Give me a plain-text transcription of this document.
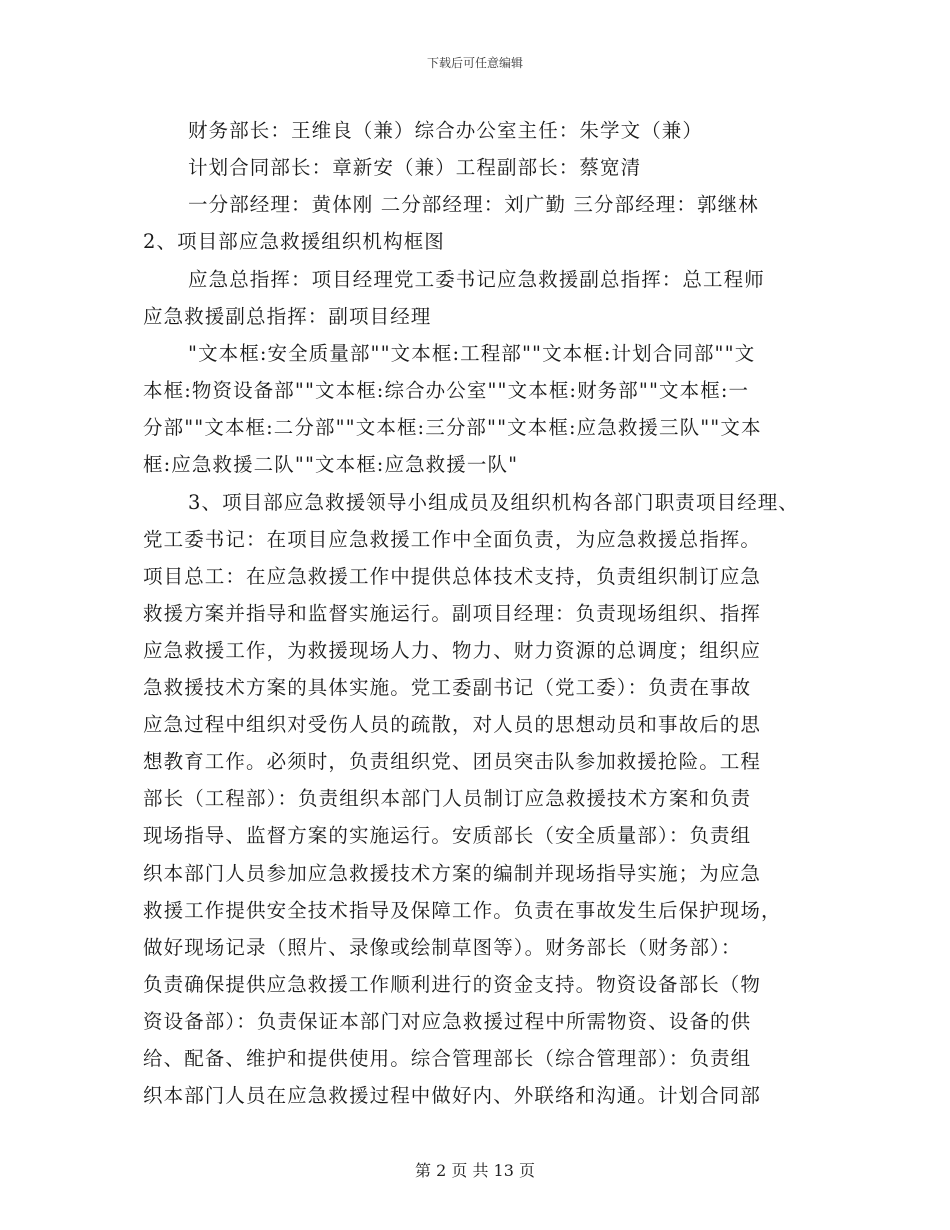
下载后可任意编辑
财务部长：王维良（兼）综合办公室主任：朱学文（兼）
计划合同部长：章新安（兼）工程副部长：蔡宽清
一分部经理：黄体刚 二分部经理：刘广勤 三分部经理：郭继林
2、项目部应急救援组织机构框图
应急总指挥：项目经理党工委书记应急救援副总指挥：总工程师
应急救援副总指挥：副项目经理
"文本框:安全质量部""文本框:工程部""文本框:计划合同部""文
本框:物资设备部""文本框:综合办公室""文本框:财务部""文本框:一
分部""文本框:二分部""文本框:三分部""文本框:应急救援三队""文本
框:应急救援二队""文本框:应急救援一队"
3、项目部应急救援领导小组成员及组织机构各部门职责项目经理、
党工委书记：在项目应急救援工作中全面负责，为应急救援总指挥。
项目总工：在应急救援工作中提供总体技术支持，负责组织制订应急
救援方案并指导和监督实施运行。副项目经理：负责现场组织、指挥
应急救援工作，为救援现场人力、物力、财力资源的总调度；组织应
急救援技术方案的具体实施。党工委副书记（党工委）：负责在事故
应急过程中组织对受伤人员的疏散，对人员的思想动员和事故后的思
想教育工作。必须时，负责组织党、团员突击队参加救援抢险。工程
部长（工程部）：负责组织本部门人员制订应急救援技术方案和负责
现场指导、监督方案的实施运行。安质部长（安全质量部）：负责组
织本部门人员参加应急救援技术方案的编制并现场指导实施；为应急
救援工作提供安全技术指导及保障工作。负责在事故发生后保护现场，
做好现场记录（照片、录像或绘制草图等）。财务部长（财务部）：
负责确保提供应急救援工作顺利进行的资金支持。物资设备部长（物
资设备部）：负责保证本部门对应急救援过程中所需物资、设备的供
给、配备、维护和提供使用。综合管理部长（综合管理部）：负责组
织本部门人员在应急救援过程中做好内、外联络和沟通。计划合同部
第 2 页 共 13 页
